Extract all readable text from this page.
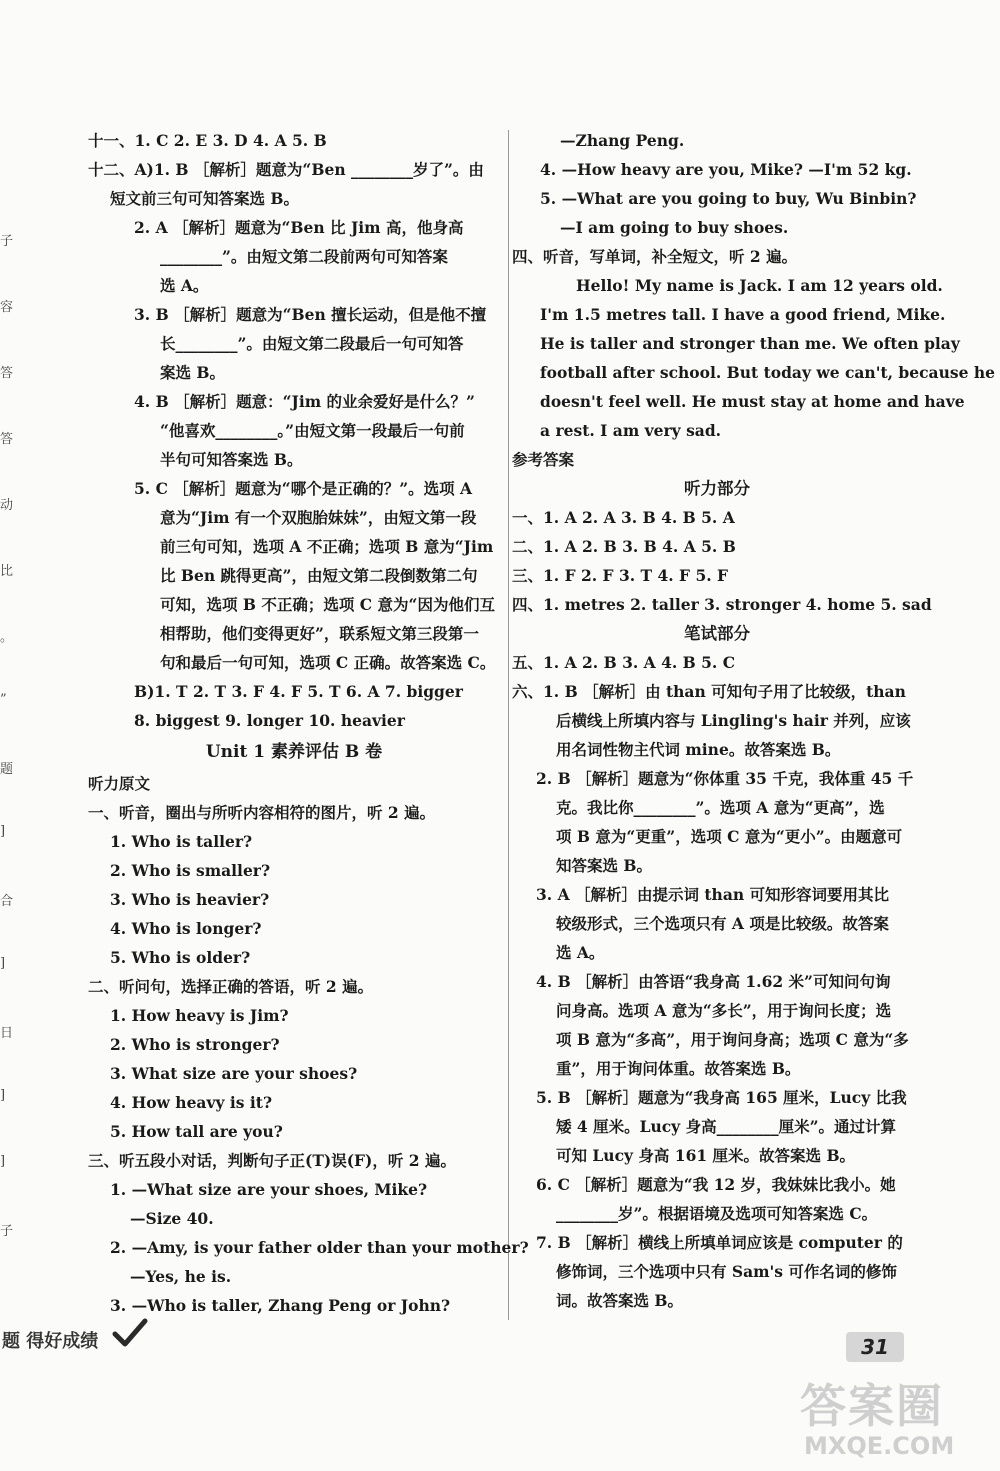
子
容
答
答
动
比
。
”
题
]
合
]
日
]
]
子
十一、1. C 2. E 3. D 4. A 5. B
十二、A)1. B ［解析］题意为“Ben ________岁了”。由
短文前三句可知答案选 B。
2. A ［解析］题意为“Ben 比 Jim 高，他身高
________”。由短文第二段前两句可知答案
选 A。
3. B ［解析］题意为“Ben 擅长运动，但是他不擅
长________”。由短文第二段最后一句可知答
案选 B。
4. B ［解析］题意：“Jim 的业余爱好是什么？”
“他喜欢________。”由短文第一段最后一句前
半句可知答案选 B。
5. C ［解析］题意为“哪个是正确的？”。选项 A
意为“Jim 有一个双胞胎妹妹”，由短文第一段
前三句可知，选项 A 不正确；选项 B 意为“Jim
比 Ben 跳得更高”，由短文第二段倒数第二句
可知，选项 B 不正确；选项 C 意为“因为他们互
相帮助，他们变得更好”，联系短文第三段第一
句和最后一句可知，选项 C 正确。故答案选 C。
B)1. T 2. T 3. F 4. F 5. T 6. A 7. bigger
8. biggest 9. longer 10. heavier
Unit 1 素养评估 B 卷
听力原文
一、听音，圈出与所听内容相符的图片，听 2 遍。
1. Who is taller?
2. Who is smaller?
3. Who is heavier?
4. Who is longer?
5. Who is older?
二、听问句，选择正确的答语，听 2 遍。
1. How heavy is Jim?
2. Who is stronger?
3. What size are your shoes?
4. How heavy is it?
5. How tall are you?
三、听五段小对话，判断句子正(T)误(F)，听 2 遍。
1. —What size are your shoes, Mike?
—Size 40.
2. —Amy, is your father older than your mother?
—Yes, he is.
3. —Who is taller, Zhang Peng or John?
—Zhang Peng.
4. —How heavy are you, Mike? —I'm 52 kg.
5. —What are you going to buy, Wu Binbin?
—I am going to buy shoes.
四、听音，写单词，补全短文，听 2 遍。
Hello! My name is Jack. I am 12 years old.
I'm 1.5 metres tall. I have a good friend, Mike.
He is taller and stronger than me. We often play
football after school. But today we can't, because he
doesn't feel well. He must stay at home and have
a rest. I am very sad.
参考答案
听力部分
一、1. A 2. A 3. B 4. B 5. A
二、1. A 2. B 3. B 4. A 5. B
三、1. F 2. F 3. T 4. F 5. F
四、1. metres 2. taller 3. stronger 4. home 5. sad
笔试部分
五、1. A 2. B 3. A 4. B 5. C
六、1. B ［解析］由 than 可知句子用了比较级，than
后横线上所填内容与 Lingling's hair 并列，应该
用名词性物主代词 mine。故答案选 B。
2. B ［解析］题意为“你体重 35 千克，我体重 45 千
克。我比你________”。选项 A 意为“更高”，选
项 B 意为“更重”，选项 C 意为“更小”。由题意可
知答案选 B。
3. A ［解析］由提示词 than 可知形容词要用其比
较级形式，三个选项只有 A 项是比较级。故答案
选 A。
4. B ［解析］由答语“我身高 1.62 米”可知问句询
问身高。选项 A 意为“多长”，用于询问长度；选
项 B 意为“多高”，用于询问身高；选项 C 意为“多
重”，用于询问体重。故答案选 B。
5. B ［解析］题意为“我身高 165 厘米，Lucy 比我
矮 4 厘米。Lucy 身高________厘米”。通过计算
可知 Lucy 身高 161 厘米。故答案选 B。
6. C ［解析］题意为“我 12 岁，我妹妹比我小。她
________岁”。根据语境及选项可知答案选 C。
7. B ［解析］横线上所填单词应该是 computer 的
修饰词，三个选项中只有 Sam's 可作名词的修饰
词。故答案选 B。
题 得好成绩	31
答案圈
MXQE.COM
